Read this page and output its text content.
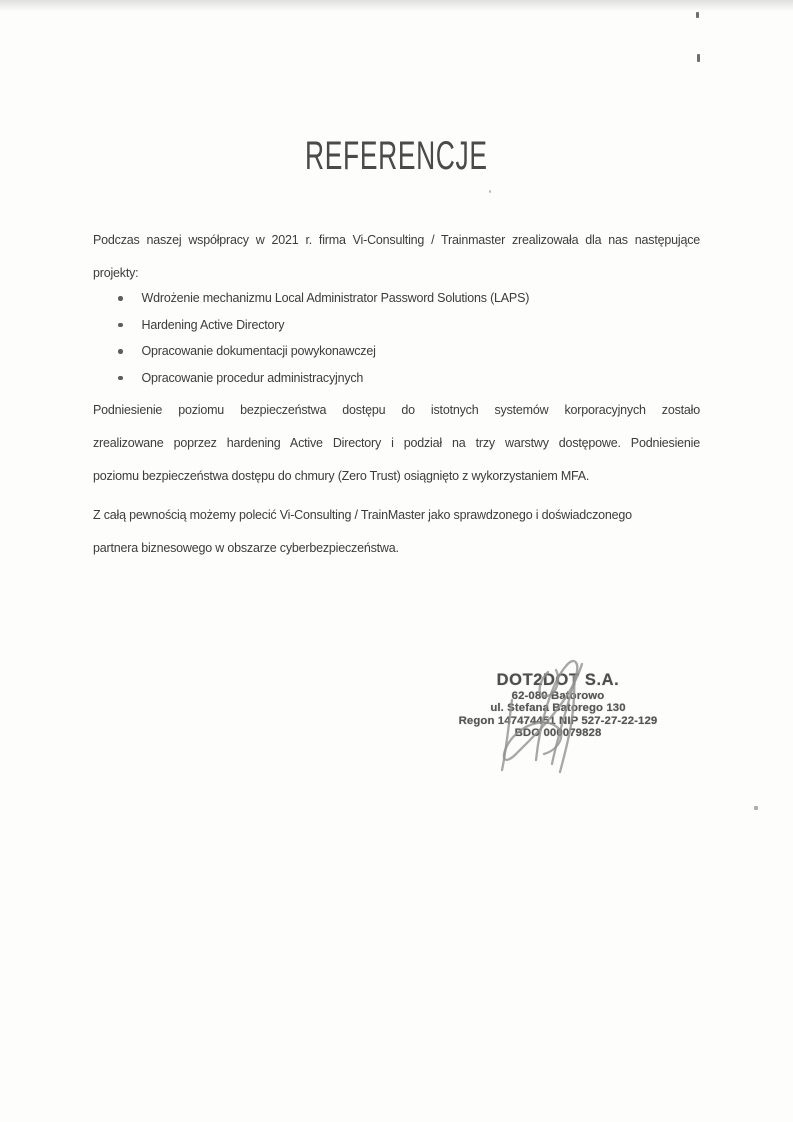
REFERENCJE
Podczas naszej współpracy w 2021 r. firma Vi-Consulting / Trainmaster zrealizowała dla nas następujące
projekty:
Wdrożenie mechanizmu Local Administrator Password Solutions (LAPS)
Hardening Active Directory
Opracowanie dokumentacji powykonawczej
Opracowanie procedur administracyjnych
Podniesienie poziomu bezpieczeństwa dostępu do istotnych systemów korporacyjnych zostało
zrealizowane poprzez hardening Active Directory i podział na trzy warstwy dostępowe. Podniesienie
poziomu bezpieczeństwa dostępu do chmury (Zero Trust) osiągnięto z wykorzystaniem MFA.
Z całą pewnością możemy polecić Vi-Consulting / TrainMaster jako sprawdzonego i doświadczonego
partnera biznesowego w obszarze cyberbezpieczeństwa.
DOT2DOT S.A.
62-080 Batorowo
ul. Stefana Batorego 130
Regon 147474451 NIP 527-27-22-129
BDO 000079828
